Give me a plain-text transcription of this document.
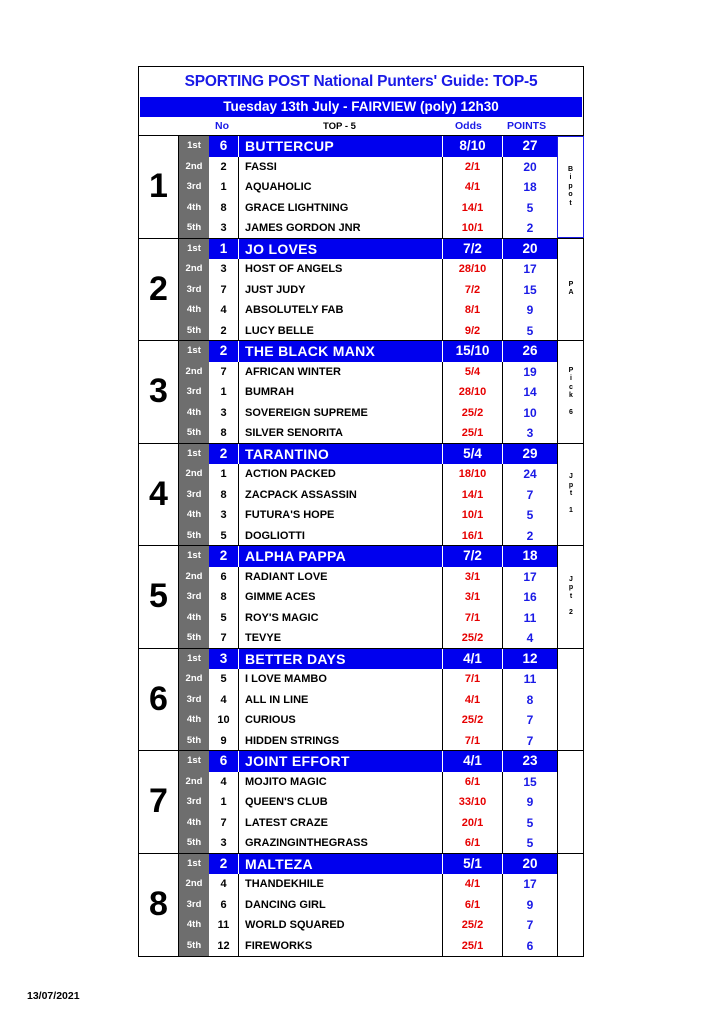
SPORTING POST National Punters' Guide: TOP-5
Tuesday 13th July - FAIRVIEW (poly) 12h30
No	TOP - 5	Odds POINTS
1
1st	6	BUTTERCUP	8/10	27
2nd	2	FASSI	2/1	20
3rd	1	AQUAHOLIC	4/1	18
4th	8	GRACE LIGHTNING	14/1	5
5th	3	JAMES GORDON JNR	10/1	2
B
i
p
o
t
2
1st	1	JO LOVES	7/2	20
2nd	3	HOST OF ANGELS	28/10	17
3rd	7	JUST JUDY	7/2	15
4th	4	ABSOLUTELY FAB	8/1	9
5th	2	LUCY BELLE	9/2	5
P
A
3
1st	2	THE BLACK MANX	15/10	26
2nd	7	AFRICAN WINTER	5/4	19
3rd	1	BUMRAH	28/10	14
4th	3	SOVEREIGN SUPREME	25/2	10
5th	8	SILVER SENORITA	25/1	3
P
i
c
k
6
4
1st	2	TARANTINO	5/4	29
2nd	1	ACTION PACKED	18/10	24
3rd	8	ZACPACK ASSASSIN	14/1	7
4th	3	FUTURA'S HOPE	10/1	5
5th	5	DOGLIOTTI	16/1	2
J
p
t
1
5
1st	2	ALPHA PAPPA	7/2	18
2nd	6	RADIANT LOVE	3/1	17
3rd	8	GIMME ACES	3/1	16
4th	5	ROY'S MAGIC	7/1	11
5th	7	TEVYE	25/2	4
J
p
t
2
6
1st	3	BETTER DAYS	4/1	12
2nd	5	I LOVE MAMBO	7/1	11
3rd	4	ALL IN LINE	4/1	8
4th	10	CURIOUS	25/2	7
5th	9	HIDDEN STRINGS	7/1	7
7
1st	6	JOINT EFFORT	4/1	23
2nd	4	MOJITO MAGIC	6/1	15
3rd	1	QUEEN'S CLUB	33/10	9
4th	7	LATEST CRAZE	20/1	5
5th	3	GRAZINGINTHEGRASS	6/1	5
8
1st	2	MALTEZA	5/1	20
2nd	4	THANDEKHILE	4/1	17
3rd	6	DANCING GIRL	6/1	9
4th	11	WORLD SQUARED	25/2	7
5th	12	FIREWORKS	25/1	6
13/07/2021
